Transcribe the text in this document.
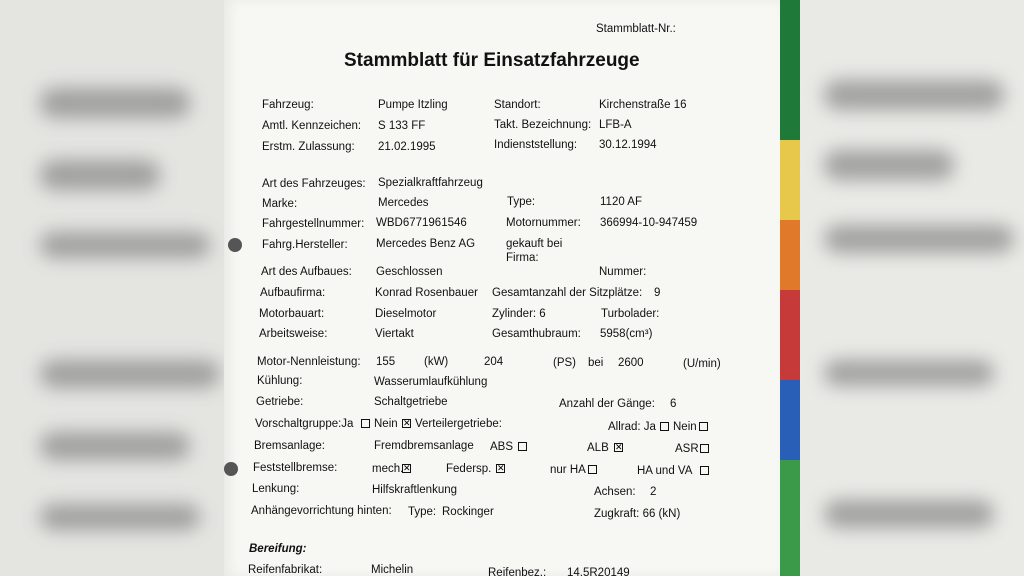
Stammblatt-Nr.:
Stammblatt für Einsatzfahrzeuge
Fahrzeug:	Pumpe Itzling	Standort:	Kirchenstraße 16
Amtl. Kennzeichen: S 133 FF	Takt. Bezeichnung: LFB-A
Erstm. Zulassung: 21.02.1995	Indienststellung: 30.12.1994
Art des Fahrzeuges: Spezialkraftfahrzeug
Marke:	Mercedes	Type:	1120 AF
Fahrgestellnummer: WBD6771961546	Motornummer: 366994-10-947459
Fahrg.Hersteller: Mercedes Benz AG	gekauft bei
Firma:
Art des Aufbaues: Geschlossen	Nummer:
Aufbaufirma:	Konrad Rosenbauer Gesamtanzahl der Sitzplätze: 9
Motorbauart:	Dieselmotor	Zylinder: 6	Turbolader:
Arbeitsweise:	Viertakt	Gesamthubraum: 5958(cm³)
Motor-Nennleistung: 155	(kW)	204	(PS) bei 2600	(U/min)
Kühlung:	Wasserumlaufkühlung
Getriebe:	Schaltgetriebe	Anzahl der Gänge: 6
Vorschaltgruppe:Ja Nein ✕ Verteilergetriebe:	Allrad: Ja Nein
Bremsanlage:	Fremdbremsanlage ABS	ALB ✕	ASR
Feststellbremse:	mech. ✕	Federsp. ✕	nur HA	HA und VA
Lenkung:	Hilfskraftlenkung	Achsen: 2
Anhängevorrichtung hinten: Type: Rockinger	Zugkraft: 66 (kN)
Bereifung:
Reifenfabrikat:	Michelin	Reifenbez.: 14.5R20149
